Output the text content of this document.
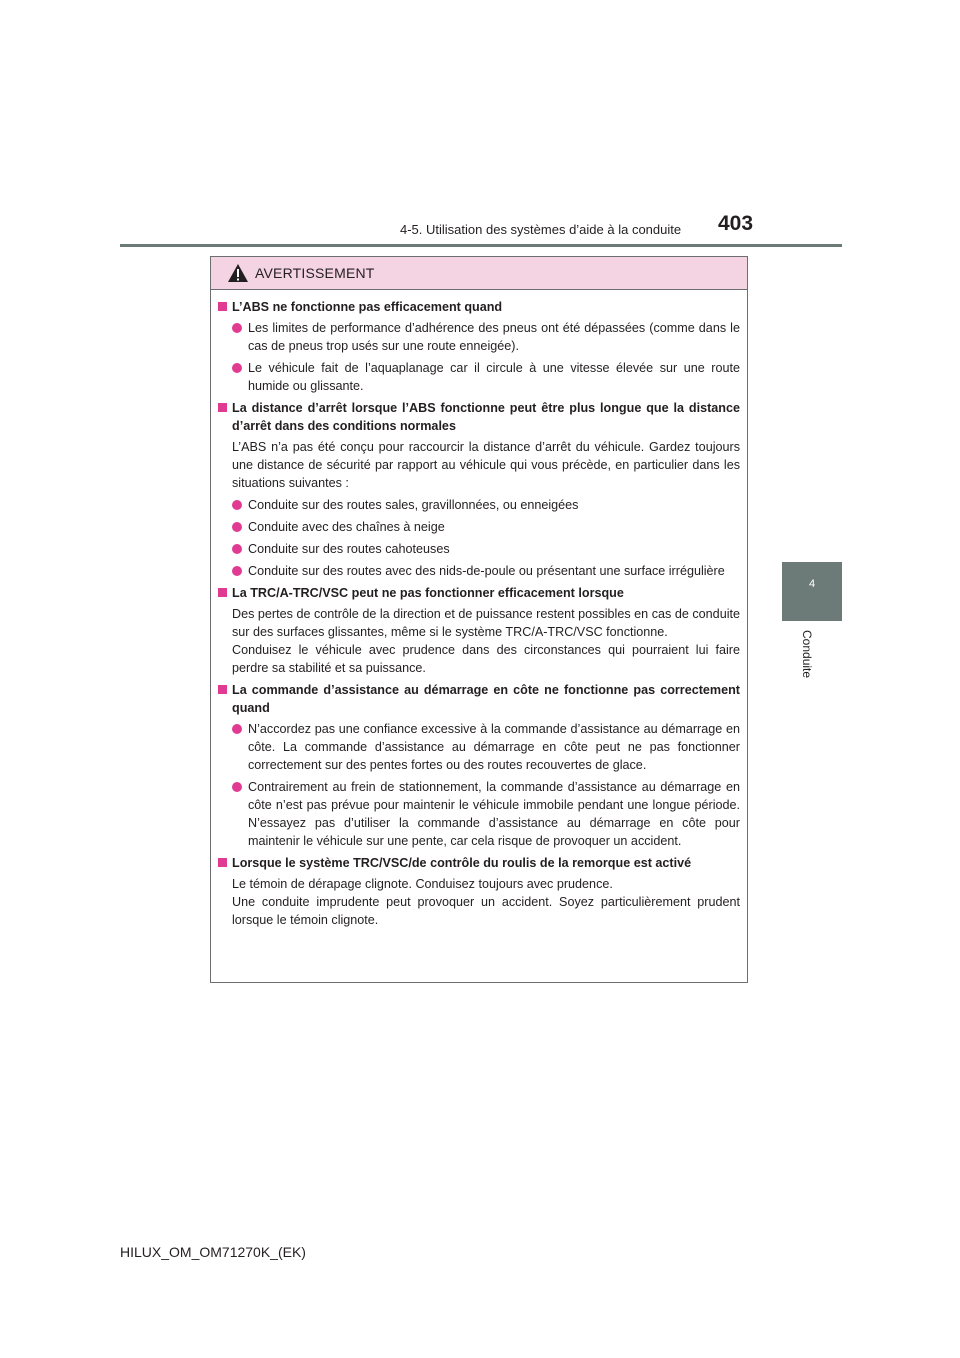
4-5. Utilisation des systèmes d’aide à la conduite	403
4
Conduite
AVERTISSEMENT
L’ABS ne fonctionne pas efficacement quand
Les limites de performance d’adhérence des pneus ont été dépassées (comme dans le cas de pneus trop usés sur une route enneigée).
Le véhicule fait de l’aquaplanage car il circule à une vitesse élevée sur une route humide ou glissante.
La distance d’arrêt lorsque l’ABS fonctionne peut être plus longue que la distance d’arrêt dans des conditions normales
L’ABS n’a pas été conçu pour raccourcir la distance d’arrêt du véhicule. Gardez toujours une distance de sécurité par rapport au véhicule qui vous précède, en particulier dans les situations suivantes :
Conduite sur des routes sales, gravillonnées, ou enneigées
Conduite avec des chaînes à neige
Conduite sur des routes cahoteuses
Conduite sur des routes avec des nids-de-poule ou présentant une surface irrégulière
La TRC/A-TRC/VSC peut ne pas fonctionner efficacement lorsque
Des pertes de contrôle de la direction et de puissance restent possibles en cas de conduite sur des surfaces glissantes, même si le système TRC/A-TRC/VSC fonctionne.
Conduisez le véhicule avec prudence dans des circonstances qui pourraient lui faire perdre sa stabilité et sa puissance.
La commande d’assistance au démarrage en côte ne fonctionne pas correctement quand
N’accordez pas une confiance excessive à la commande d’assistance au démarrage en côte. La commande d’assistance au démarrage en côte peut ne pas fonctionner correctement sur des pentes fortes ou des routes recouvertes de glace.
Contrairement au frein de stationnement, la commande d’assistance au démarrage en côte n’est pas prévue pour maintenir le véhicule immobile pendant une longue période. N’essayez pas d’utiliser la commande d’assistance au démarrage en côte pour maintenir le véhicule sur une pente, car cela risque de provoquer un accident.
Lorsque le système TRC/VSC/de contrôle du roulis de la remorque est activé
Le témoin de dérapage clignote. Conduisez toujours avec prudence.
Une conduite imprudente peut provoquer un accident. Soyez particulièrement prudent lorsque le témoin clignote.
HILUX_OM_OM71270K_(EK)
